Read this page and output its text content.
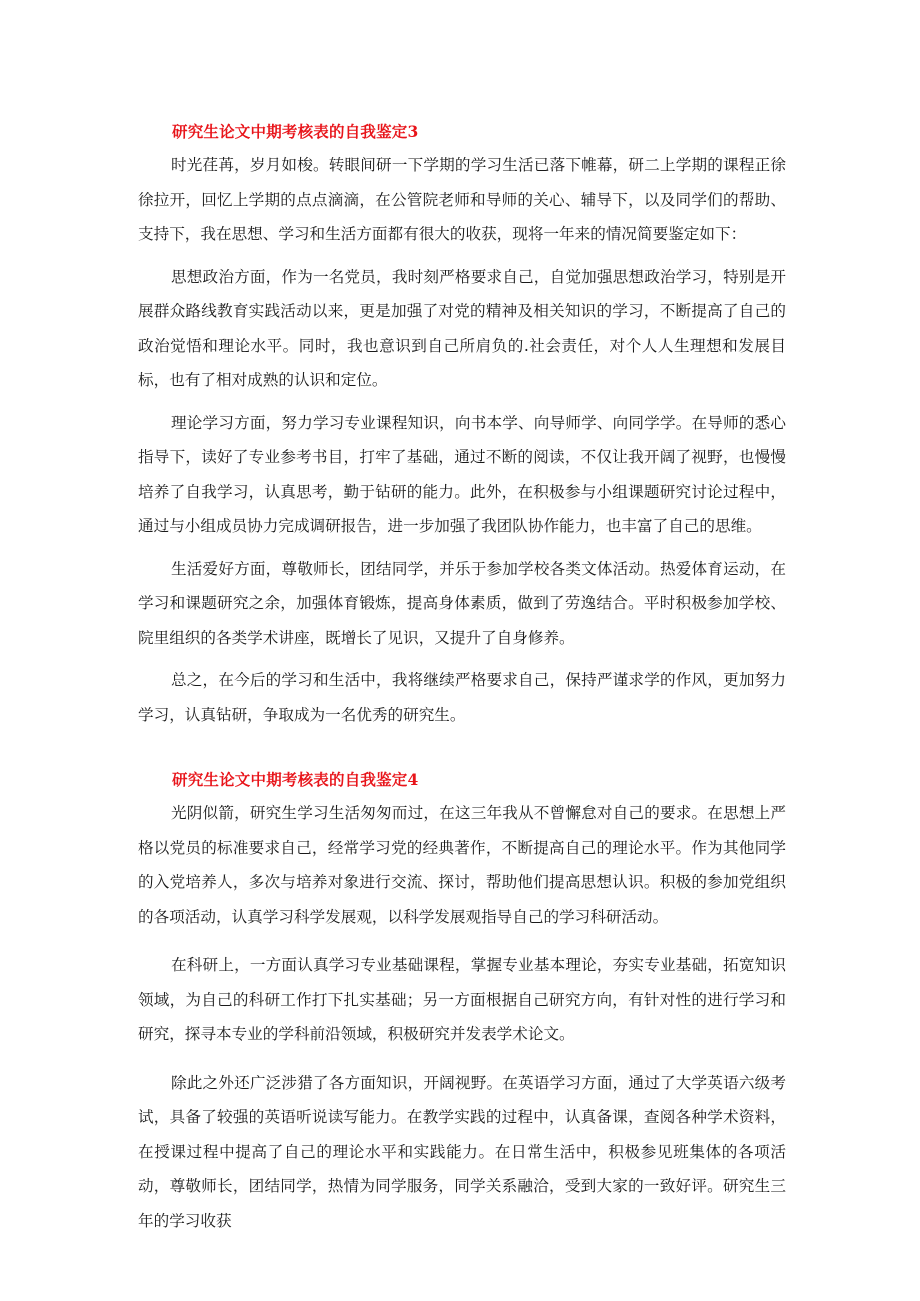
研究生论文中期考核表的自我鉴定3

时光荏苒，岁月如梭。转眼间研一下学期的学习生活已落下帷幕，研二上学期的课程正徐徐拉开，回忆上学期的点点滴滴，在公管院老师和导师的关心、辅导下，以及同学们的帮助、支持下，我在思想、学习和生活方面都有很大的收获，现将一年来的情况简要鉴定如下：

思想政治方面，作为一名党员，我时刻严格要求自己，自觉加强思想政治学习，特别是开展群众路线教育实践活动以来，更是加强了对党的精神及相关知识的学习，不断提高了自己的政治觉悟和理论水平。同时，我也意识到自己所肩负的.社会责任，对个人人生理想和发展目标，也有了相对成熟的认识和定位。

理论学习方面，努力学习专业课程知识，向书本学、向导师学、向同学学。在导师的悉心指导下，读好了专业参考书目，打牢了基础，通过不断的阅读，不仅让我开阔了视野，也慢慢培养了自我学习，认真思考，勤于钻研的能力。此外，在积极参与小组课题研究讨论过程中，通过与小组成员协力完成调研报告，进一步加强了我团队协作能力，也丰富了自己的思维。

生活爱好方面，尊敬师长，团结同学，并乐于参加学校各类文体活动。热爱体育运动，在学习和课题研究之余，加强体育锻炼，提高身体素质，做到了劳逸结合。平时积极参加学校、院里组织的各类学术讲座，既增长了见识，又提升了自身修养。

总之，在今后的学习和生活中，我将继续严格要求自己，保持严谨求学的作风，更加努力学习，认真钻研，争取成为一名优秀的研究生。

研究生论文中期考核表的自我鉴定4

光阴似箭，研究生学习生活匆匆而过，在这三年我从不曾懈怠对自己的要求。在思想上严格以党员的标准要求自己，经常学习党的经典著作，不断提高自己的理论水平。作为其他同学的入党培养人，多次与培养对象进行交流、探讨，帮助他们提高思想认识。积极的参加党组织的各项活动，认真学习科学发展观，以科学发展观指导自己的学习科研活动。

在科研上，一方面认真学习专业基础课程，掌握专业基本理论，夯实专业基础，拓宽知识领域，为自己的科研工作打下扎实基础；另一方面根据自己研究方向，有针对性的进行学习和研究，探寻本专业的学科前沿领域，积极研究并发表学术论文。

除此之外还广泛涉猎了各方面知识，开阔视野。在英语学习方面，通过了大学英语六级考试，具备了较强的英语听说读写能力。在教学实践的过程中，认真备课，查阅各种学术资料，在授课过程中提高了自己的理论水平和实践能力。在日常生活中，积极参见班集体的各项活动，尊敬师长，团结同学，热情为同学服务，同学关系融洽，受到大家的一致好评。研究生三年的学习收获
